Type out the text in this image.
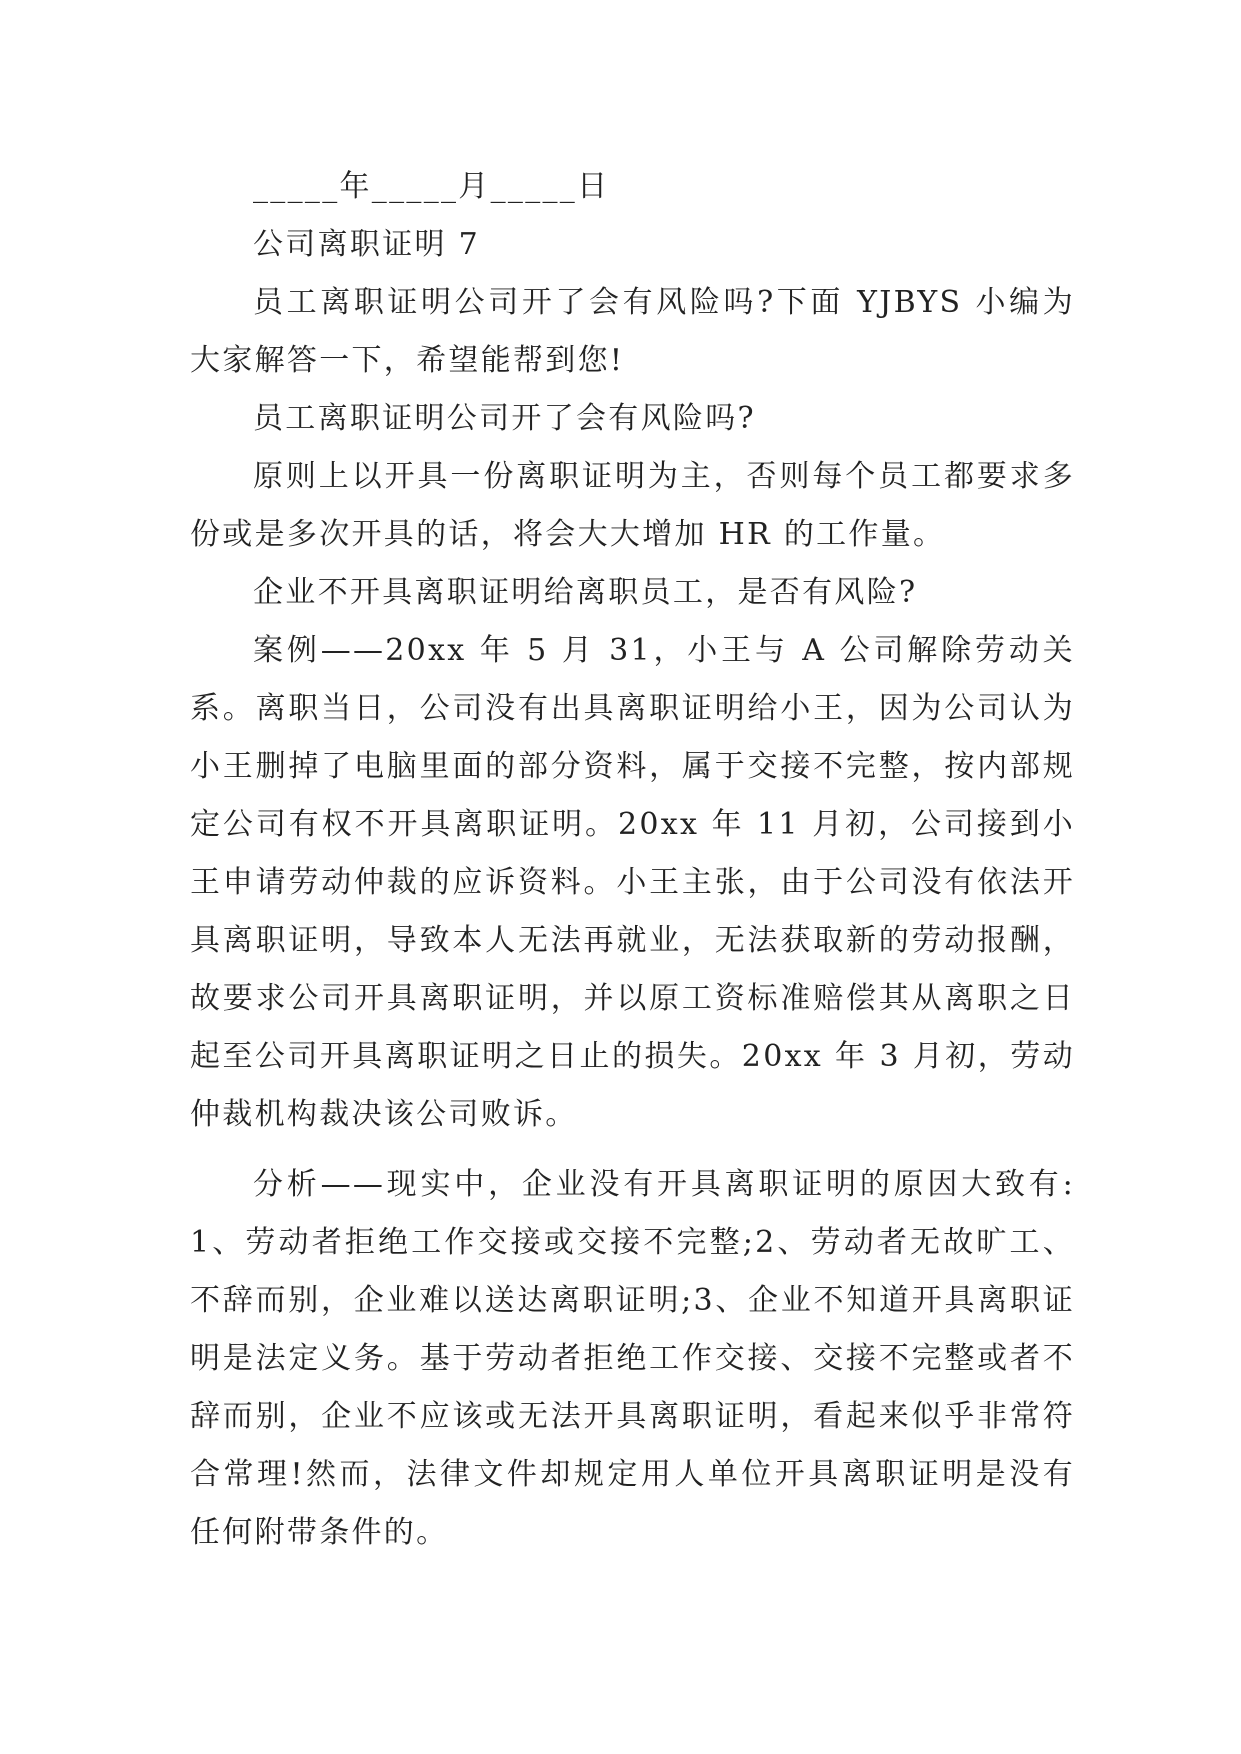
_____年_____月_____日

公司离职证明 7

员工离职证明公司开了会有风险吗?下面 YJBYS 小编为大家解答一下，希望能帮到您!

员工离职证明公司开了会有风险吗?

原则上以开具一份离职证明为主，否则每个员工都要求多份或是多次开具的话，将会大大增加 HR 的工作量。

企业不开具离职证明给离职员工，是否有风险?

案例——20xx 年 5 月 31，小王与 A 公司解除劳动关系。离职当日，公司没有出具离职证明给小王，因为公司认为小王删掉了电脑里面的部分资料，属于交接不完整，按内部规定公司有权不开具离职证明。20xx 年 11 月初，公司接到小王申请劳动仲裁的应诉资料。小王主张，由于公司没有依法开具离职证明，导致本人无法再就业，无法获取新的劳动报酬，故要求公司开具离职证明，并以原工资标准赔偿其从离职之日起至公司开具离职证明之日止的损失。20xx 年 3 月初，劳动仲裁机构裁决该公司败诉。

分析——现实中，企业没有开具离职证明的原因大致有:1、劳动者拒绝工作交接或交接不完整;2、劳动者无故旷工、不辞而别，企业难以送达离职证明;3、企业不知道开具离职证明是法定义务。基于劳动者拒绝工作交接、交接不完整或者不辞而别，企业不应该或无法开具离职证明，看起来似乎非常符合常理!然而，法律文件却规定用人单位开具离职证明是没有任何附带条件的。
